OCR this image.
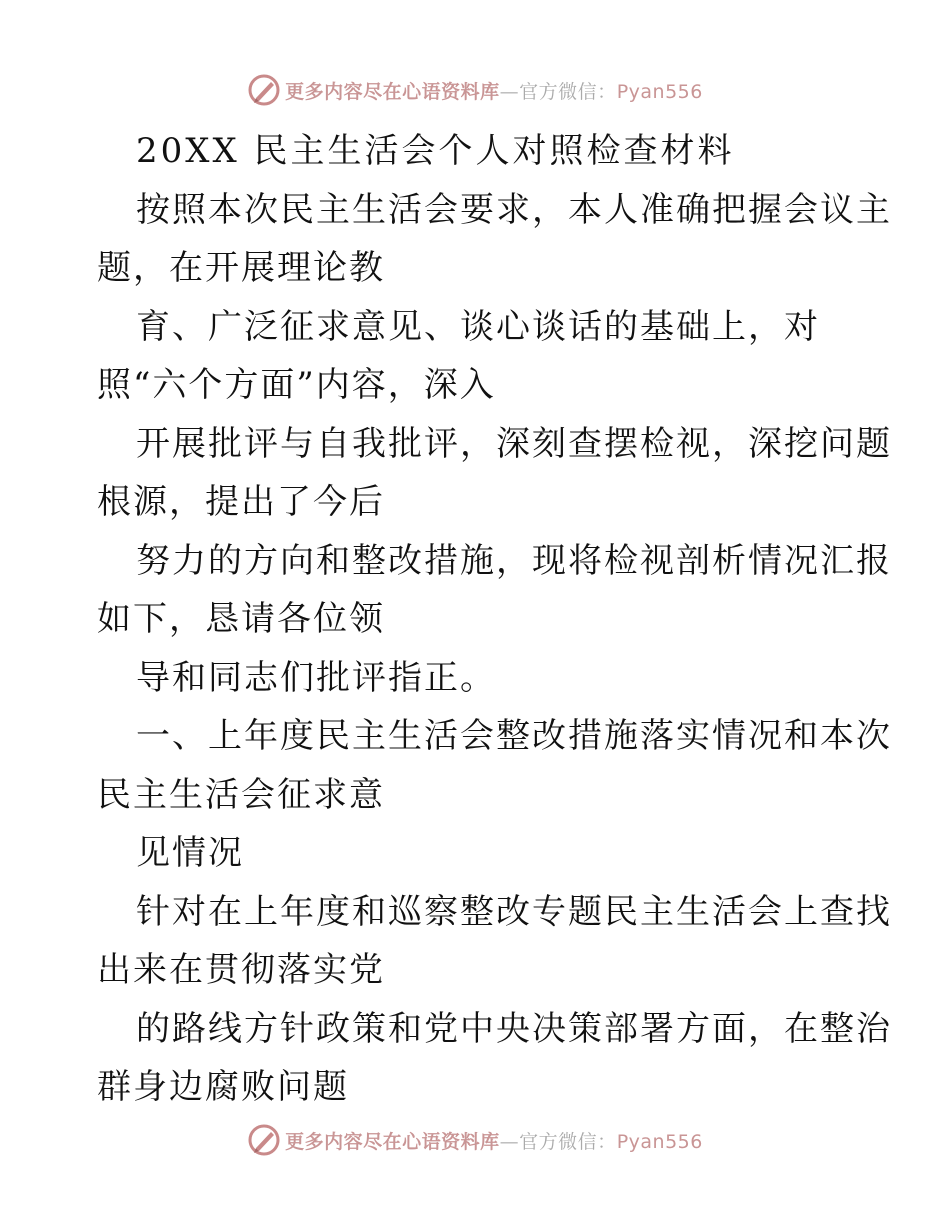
更多内容尽在心语资料库—官方微信：Pyan556
20XX 民主生活会个人对照检查材料
按照本次民主生活会要求，本人准确把握会议主
题，在开展理论教
育、广泛征求意见、谈心谈话的基础上，对
照“六个方面”内容，深入
开展批评与自我批评，深刻查摆检视，深挖问题
根源，提出了今后
努力的方向和整改措施，现将检视剖析情况汇报
如下，恳请各位领
导和同志们批评指正。
一、上年度民主生活会整改措施落实情况和本次
民主生活会征求意
见情况
针对在上年度和巡察整改专题民主生活会上查找
出来在贯彻落实党
的路线方针政策和党中央决策部署方面，在整治
群身边腐败问题
更多内容尽在心语资料库—官方微信：Pyan556
